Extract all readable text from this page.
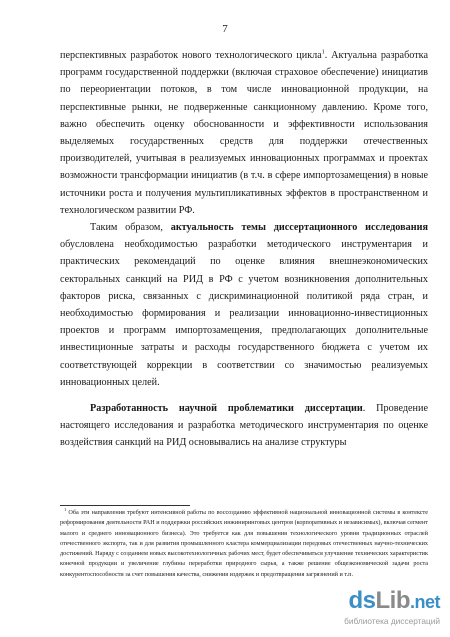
7

перспективных разработок нового технологического цикла$^1$. Актуальна разработка программ государственной поддержки (включая страховое обеспечение) инициатив по переориентации потоков, в том числе инновационной продукции, на перспективные рынки, не подверженные санкционному давлению. Кроме того, важно обеспечить оценку обоснованности и эффективности использования выделяемых государственных средств для поддержки отечественных производителей, учитывая в реализуемых инновационных программах и проектах возможности трансформации инициатив (в т.ч. в сфере импортозамещения) в новые источники роста и получения мультипликативных эффектов в пространственном и технологическом развитии РФ.

Таким образом, актуальность темы диссертационного исследования обусловлена необходимостью разработки методического инструментария и практических рекомендаций по оценке влияния внешнеэкономических секторальных санкций на РИД в РФ с учетом возникновения дополнительных факторов риска, связанных с дискриминационной политикой ряда стран, и необходимостью формирования и реализации инновационно-инвестиционных проектов и программ импортозамещения, предполагающих дополнительные инвестиционные затраты и расходы государственного бюджета с учетом их соответствующей коррекции в соответствии со значимостью реализуемых инновационных целей.

Разработанность научной проблематики диссертации. Проведение настоящего исследования и разработка методического инструментария по оценке воздействия санкций на РИД основывались на анализе структуры

$^1$ Оба эти направления требуют интенсивной работы по воссозданию эффективной национальной инновационной системы в контексте реформирования деятельности РАН и поддержки российских инжиниринговых центров (корпоративных и независимых), включая сегмент малого и среднего инновационного бизнеса). Это требуется как для повышения технологического уровня традиционных отраслей отечественного экспорта, так и для развития промышленного кластера коммерциализации передовых отечественных научно-технических достижений. Наряду с созданием новых высокотехнологичных рабочих мест, будет обеспечиваться улучшение технических характеристик конечной продукции и увеличение глубины переработки природного сырья, а также решение общеэкономической задачи роста конкурентоспособности за счет повышения качества, снижения издержек и предотвращения загрязнений и т.п.

dsLib.net
библиотека диссертаций
